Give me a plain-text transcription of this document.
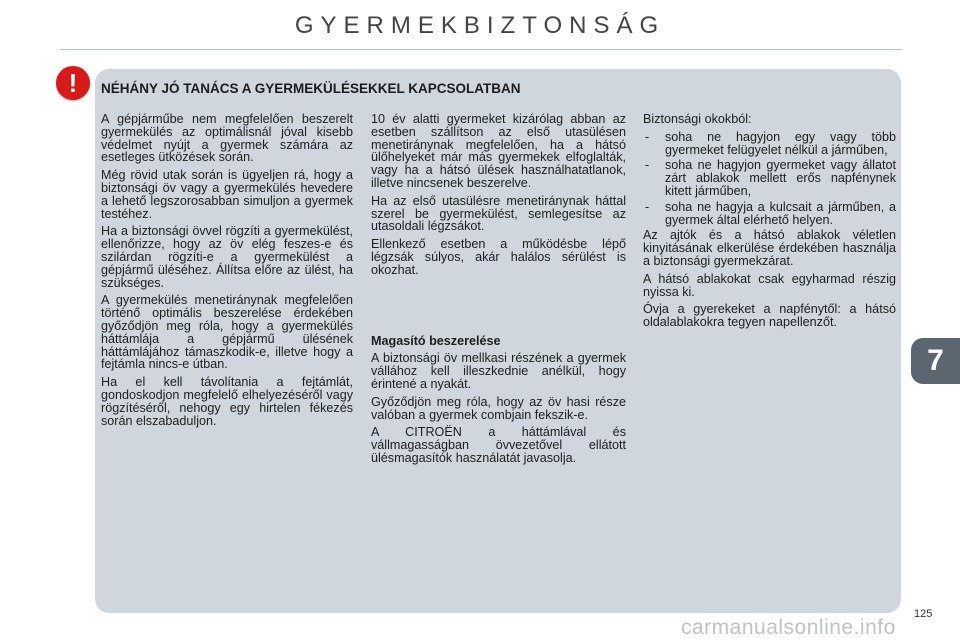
GYERMEKBIZTONSÁG
!	NÉHÁNY JÓ TANÁCS A GYERMEKÜLÉSEKKEL KAPCSOLATBAN

A gépjárműbe nem megfelelően beszerelt gyermekülés az optimálisnál jóval kisebb védelmet nyújt a gyermek számára az esetleges ütközések során.

Még rövid utak során is ügyeljen rá, hogy a biztonsági öv vagy a gyermekülés hevedere a lehető legszorosabban simuljon a gyermek testéhez.

Ha a biztonsági övvel rögzíti a gyermekülést, ellenőrizze, hogy az öv elég feszes-e és szilárdan rögzíti-e a gyermekülést a gépjármű üléséhez. Állítsa előre az ülést, ha szükséges.

A gyermekülés menetiránynak megfelelően történő optimális beszerelése érdekében győződjön meg róla, hogy a gyermekülés háttámlája a gépjármű ülésének háttámlájához támaszkodik-e, illetve hogy a fejtámla nincs-e útban.

Ha el kell távolítania a fejtámlát, gondoskodjon megfelelő elhelyezéséről vagy rögzítéséről, nehogy egy hirtelen fékezés során elszabaduljon.

10 év alatti gyermeket kizárólag abban az esetben szállítson az első utasülésen menetiránynak megfelelően, ha a hátsó ülőhelyeket már más gyermekek elfoglalták, vagy ha a hátsó ülések használhatatlanok, illetve nincsenek beszerelve.

Ha az első utasülésre menetiránynak háttal szerel be gyermekülést, semlegesítse az utasoldali légzsákot.

Ellenkező esetben a működésbe lépő légzsák súlyos, akár halálos sérülést is okozhat.

Magasító beszerelése

A biztonsági öv mellkasi részének a gyermek vállához kell illeszkednie anélkül, hogy érintené a nyakát.

Győződjön meg róla, hogy az öv hasi része valóban a gyermek combjain fekszik-e.

A CITROËN a háttámlával és vállmagasságban övvezetővel ellátott ülésmagasítók használatát javasolja.

Biztonsági okokból:

- soha ne hagyjon egy vagy több gyermeket felügyelet nélkül a járműben,
- soha ne hagyjon gyermeket vagy állatot zárt ablakok mellett erős napfénynek kitett járműben,
- soha ne hagyja a kulcsait a járműben, a gyermek által elérhető helyen.

Az ajtók és a hátsó ablakok véletlen kinyitásának elkerülése érdekében használja a biztonsági gyermekzárat.

A hátsó ablakokat csak egyharmad részig nyissa ki.

Óvja a gyerekeket a napfénytől: a hátsó oldalablakokra tegyen napellenzőt.

7
125
carmanualsonline.info
